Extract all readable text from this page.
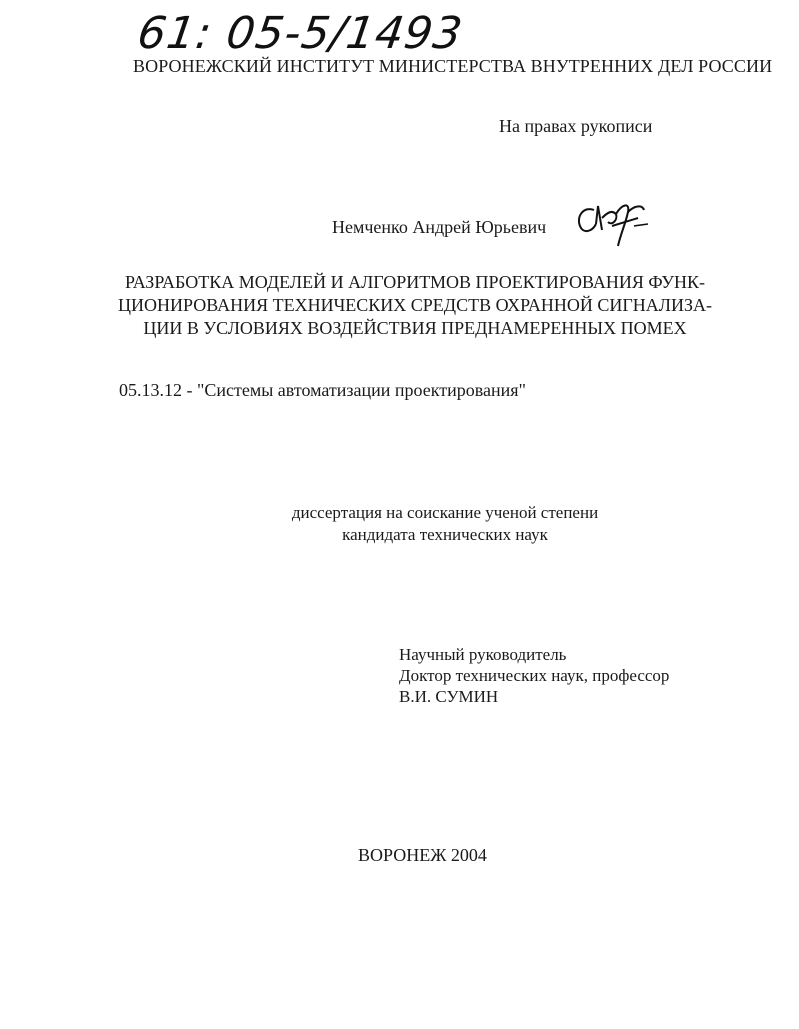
61: 05-5/1493
ВОРОНЕЖСКИЙ ИНСТИТУТ МИНИСТЕРСТВА ВНУТРЕННИХ ДЕЛ РОССИИ
На правах рукописи
Немченко Андрей Юрьевич
РАЗРАБОТКА МОДЕЛЕЙ И АЛГОРИТМОВ ПРОЕКТИРОВАНИЯ ФУНК-
ЦИОНИРОВАНИЯ ТЕХНИЧЕСКИХ СРЕДСТВ ОХРАННОЙ СИГНАЛИЗА-
ЦИИ В УСЛОВИЯХ ВОЗДЕЙСТВИЯ ПРЕДНАМЕРЕННЫХ ПОМЕХ
05.13.12 - "Системы автоматизации проектирования"
диссертация на соискание ученой степени
кандидата технических наук
Научный руководитель
Доктор технических наук, профессор
В.И. СУМИН
ВОРОНЕЖ 2004
